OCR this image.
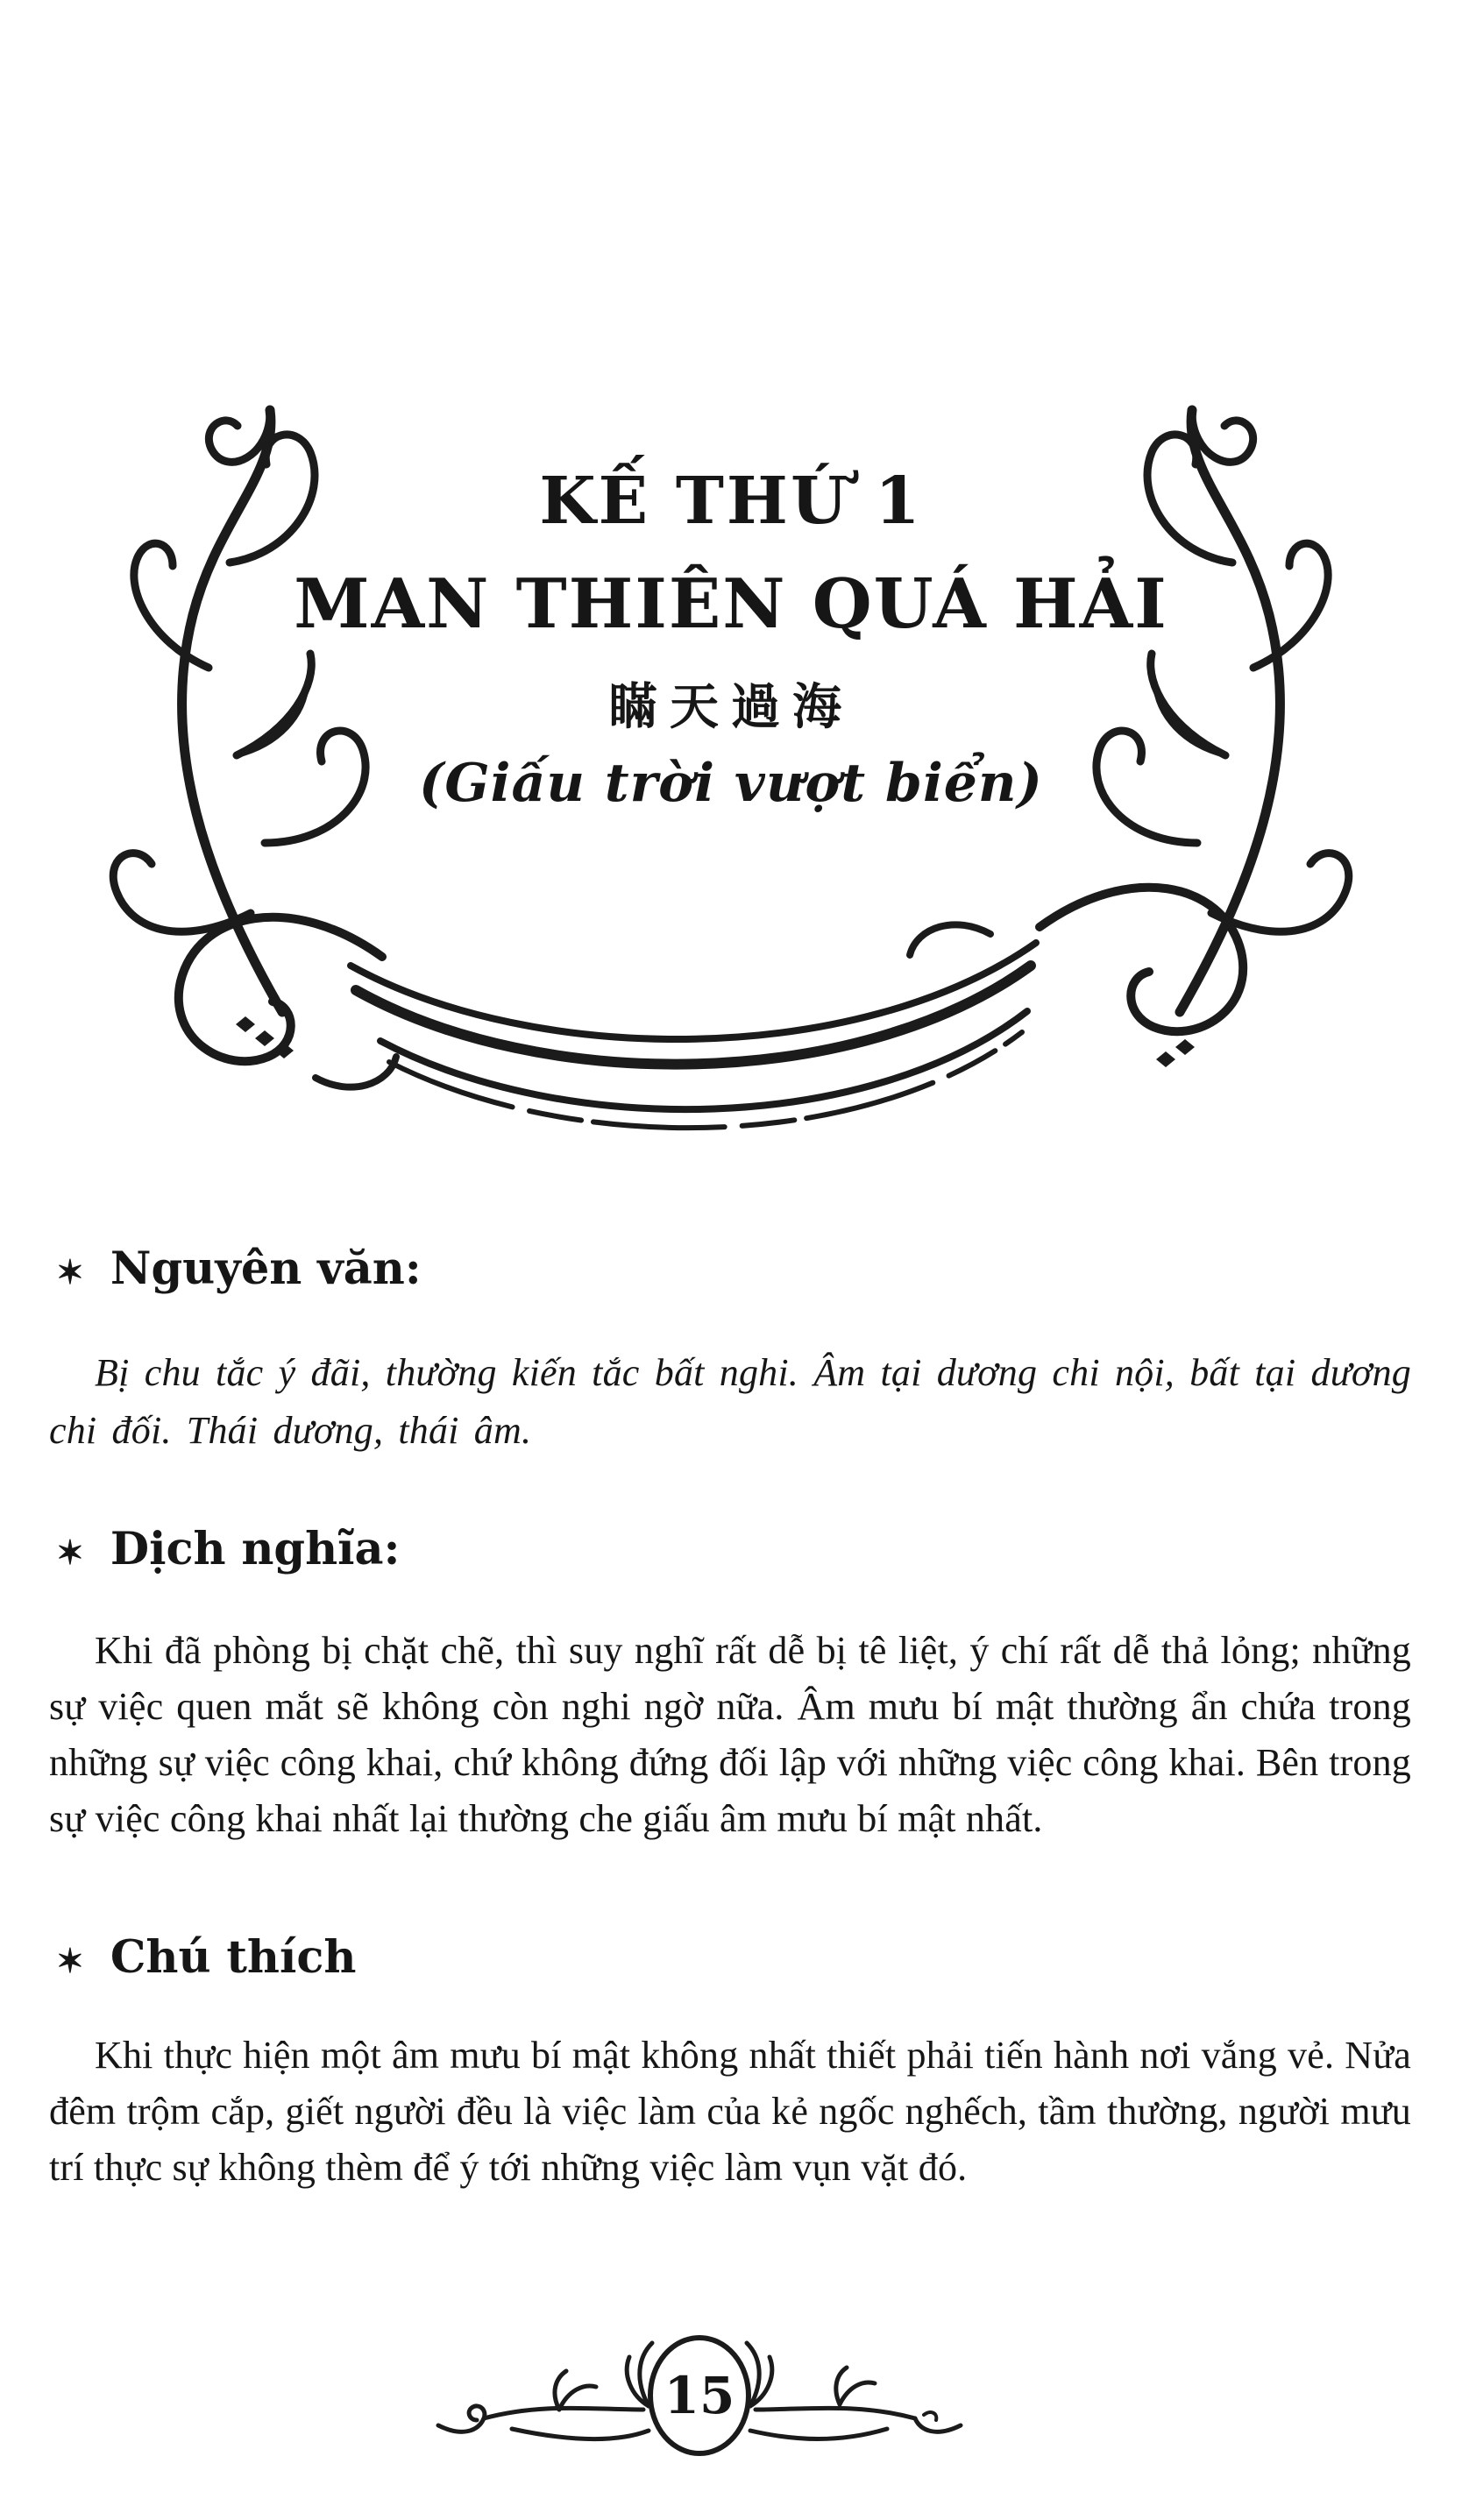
KẾ THỨ 1
MAN THIÊN QUÁ HẢI
瞞天過海
(Giấu trời vượt biển)
✶ Nguyên văn:

Bị chu tắc ý đãi, thường kiến tắc bất nghi. Âm tại dương chi nội, bất tại dương chi đối. Thái dương, thái âm.

✶ Dịch nghĩa:

Khi đã phòng bị chặt chẽ, thì suy nghĩ rất dễ bị tê liệt, ý chí rất dễ thả lỏng; những sự việc quen mắt sẽ không còn nghi ngờ nữa. Âm mưu bí mật thường ẩn chứa trong những sự việc công khai, chứ không đứng đối lập với những việc công khai. Bên trong sự việc công khai nhất lại thường che giấu âm mưu bí mật nhất.

✶ Chú thích

Khi thực hiện một âm mưu bí mật không nhất thiết phải tiến hành nơi vắng vẻ. Nửa đêm trộm cắp, giết người đều là việc làm của kẻ ngốc nghếch, tầm thường, người mưu trí thực sự không thèm để ý tới những việc làm vụn vặt đó.

15
